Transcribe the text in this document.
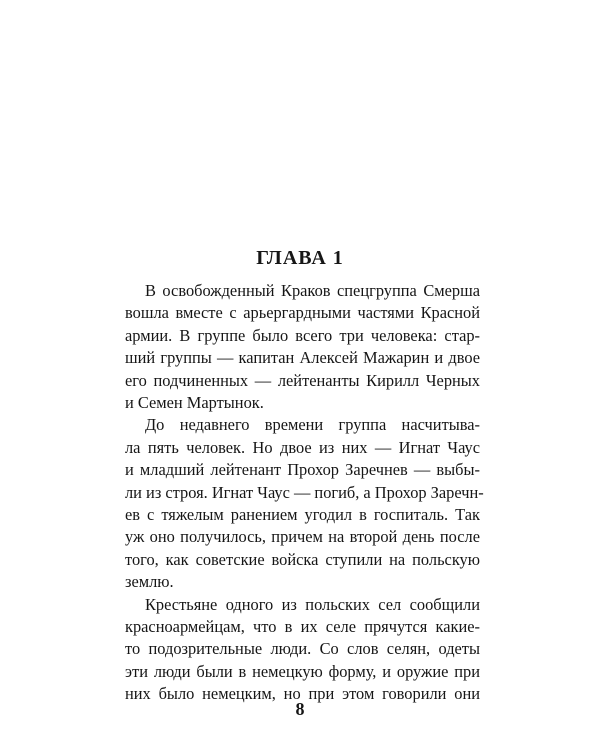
ГЛАВА 1
В освобожденный Краков спецгруппа Смерша
вошла вместе с арьергардными частями Красной
армии. В группе было всего три человека: стар-
ший группы — капитан Алексей Мажарин и двое
его подчиненных — лейтенанты Кирилл Черных
и Семен Мартынок.
До недавнего времени группа насчитыва-
ла пять человек. Но двое из них — Игнат Чаус
и младший лейтенант Прохор Заречнев — выбы-
ли из строя. Игнат Чаус — погиб, а Прохор Заречн-
ев с тяжелым ранением угодил в госпиталь. Так
уж оно получилось, причем на второй день после
того, как советские войска ступили на польскую
землю.
Крестьяне одного из польских сел сообщили
красноармейцам, что в их селе прячутся какие-
то подозрительные люди. Со слов селян, одеты
эти люди были в немецкую форму, и оружие при
них было немецким, но при этом говорили они
8
